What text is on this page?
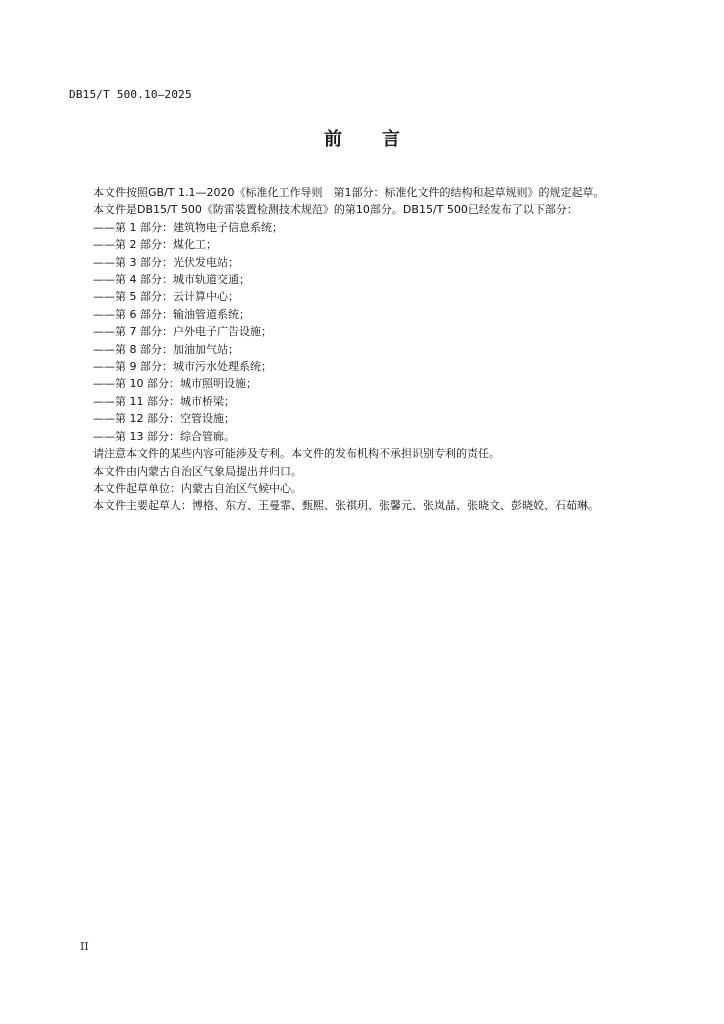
DB15/T 500.10—2025
前言

本文件按照GB/T 1.1—2020《标准化工作导则　第1部分：标准化文件的结构和起草规则》的规定起草。

本文件是DB15/T 500《防雷装置检测技术规范》的第10部分。DB15/T 500已经发布了以下部分：

——第 1 部分：建筑物电子信息系统；

——第 2 部分：煤化工；

——第 3 部分：光伏发电站；

——第 4 部分：城市轨道交通；

——第 5 部分：云计算中心；

——第 6 部分：输油管道系统；

——第 7 部分：户外电子广告设施；

——第 8 部分：加油加气站；

——第 9 部分：城市污水处理系统；

——第 10 部分：城市照明设施；

——第 11 部分：城市桥梁；

——第 12 部分：空管设施；

——第 13 部分：综合管廊。

请注意本文件的某些内容可能涉及专利。本文件的发布机构不承担识别专利的责任。

本文件由内蒙古自治区气象局提出并归口。

本文件起草单位：内蒙古自治区气候中心。

本文件主要起草人：博格、东方、王曼霏、甄熙、张祺玥、张馨元、张岚晶、张晓文、彭晓姣、石茹琳。

II
